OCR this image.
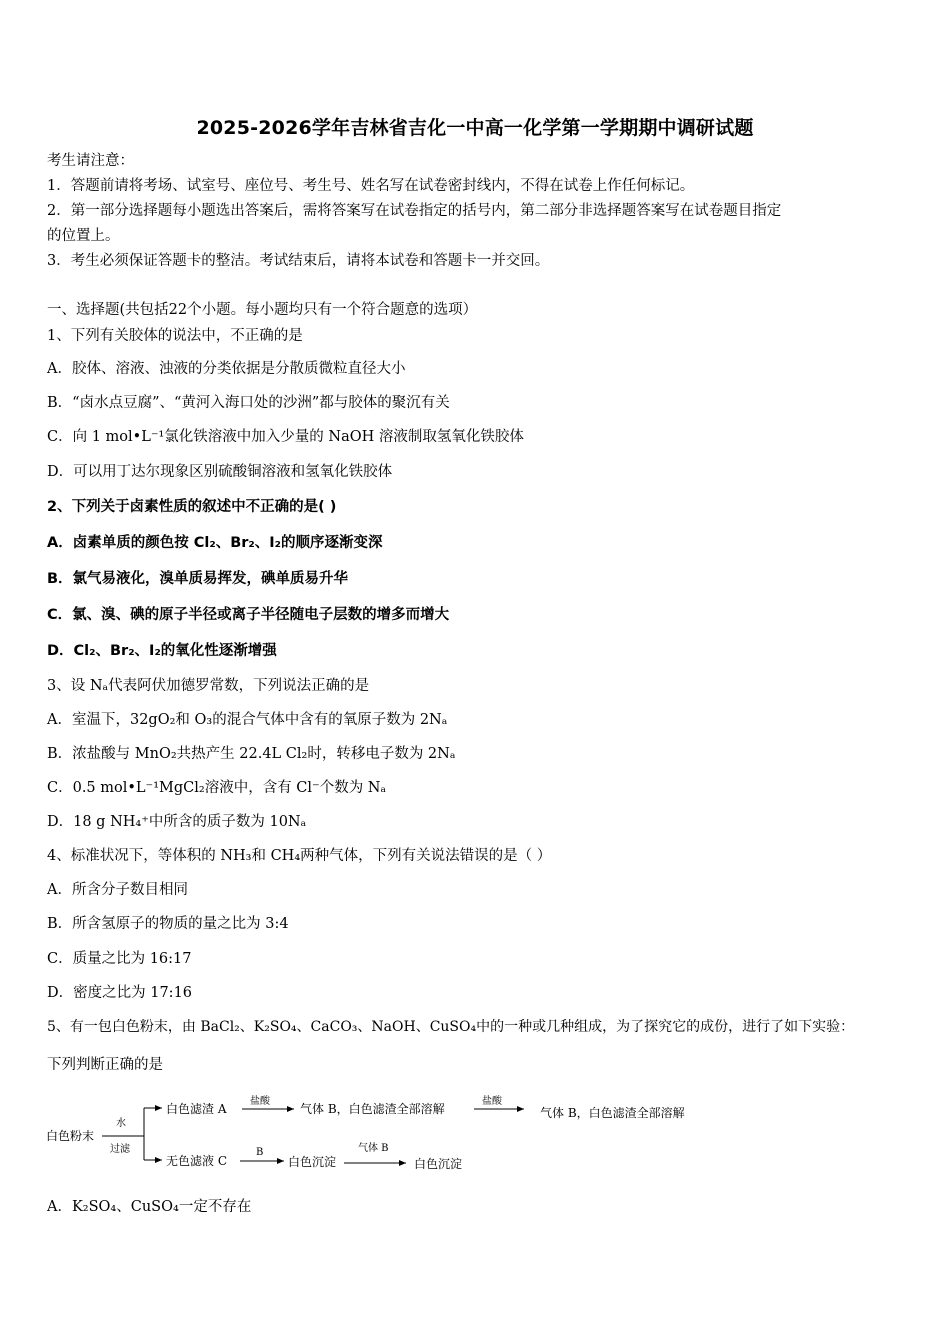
2025-2026学年吉林省吉化一中高一化学第一学期期中调研试题
考生请注意：
1．答题前请将考场、试室号、座位号、考生号、姓名写在试卷密封线内，不得在试卷上作任何标记。
2．第一部分选择题每小题选出答案后，需将答案写在试卷指定的括号内，第二部分非选择题答案写在试卷题目指定
的位置上。
3．考生必须保证答题卡的整洁。考试结束后，请将本试卷和答题卡一并交回。
一、选择题(共包括22个小题。每小题均只有一个符合题意的选项）
1、下列有关胶体的说法中，不正确的是
A．胶体、溶液、浊液的分类依据是分散质微粒直径大小
B．“卤水点豆腐”、“黄河入海口处的沙洲”都与胶体的聚沉有关
C．向 1 mol•L⁻¹氯化铁溶液中加入少量的 NaOH 溶液制取氢氧化铁胶体
D．可以用丁达尔现象区别硫酸铜溶液和氢氧化铁胶体
2、下列关于卤素性质的叙述中不正确的是( )
A．卤素单质的颜色按 Cl₂、Br₂、I₂的顺序逐渐变深
B．氯气易液化，溴单质易挥发，碘单质易升华
C．氯、溴、碘的原子半径或离子半径随电子层数的增多而增大
D．Cl₂、Br₂、I₂的氧化性逐渐增强
3、设 Nₐ代表阿伏加德罗常数，下列说法正确的是
A．室温下，32gO₂和 O₃的混合气体中含有的氧原子数为 2Nₐ
B．浓盐酸与 MnO₂共热产生 22.4L Cl₂时，转移电子数为 2Nₐ
C．0.5 mol•L⁻¹MgCl₂溶液中，含有 Cl⁻个数为 Nₐ
D．18 g NH₄⁺中所含的质子数为 10Nₐ
4、标准状况下，等体积的 NH₃和 CH₄两种气体，下列有关说法错误的是（ ）
A．所含分子数目相同
B．所含氢原子的物质的量之比为 3:4
C．质量之比为 16:17
D．密度之比为 17:16
5、有一包白色粉末，由 BaCl₂、K₂SO₄、CaCO₃、NaOH、CuSO₄中的一种或几种组成，为了探究它的成份，进行了如下实验：
下列判断正确的是
白色粉末
水
过滤
白色滤渣 A
盐酸
气体 B，白色滤渣全部溶解
盐酸
气体 B，白色滤渣全部溶解
无色滤液 C
B
白色沉淀
气体 B
白色沉淀
A．K₂SO₄、CuSO₄一定不存在
